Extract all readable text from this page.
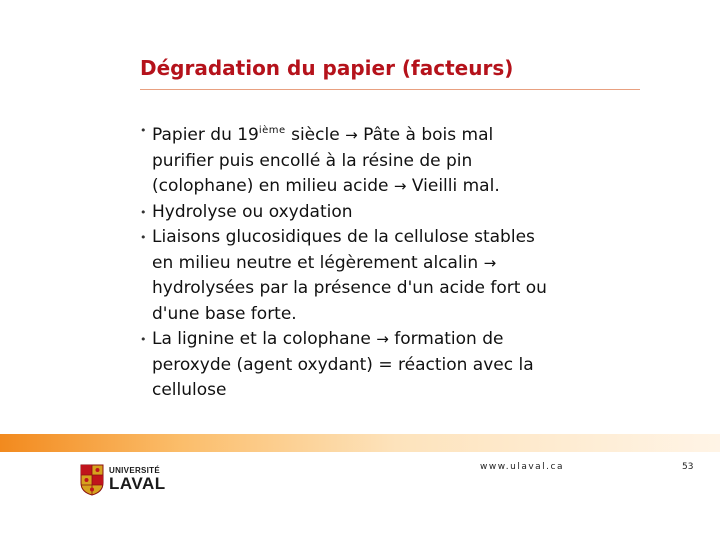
Dégradation du papier (facteurs)
• Papier du 19ième siècle → Pâte à bois mal
purifier puis encollé à la résine de pin
(colophane) en milieu acide → Vieilli mal.
• Hydrolyse ou oxydation
• Liaisons glucosidiques de la cellulose stables
en milieu neutre et légèrement alcalin →
hydrolysées par la présence d'un acide fort ou
d'une base forte.
• La lignine et la colophane → formation de
peroxyde (agent oxydant) = réaction avec la
cellulose
UNIVERSITÉ
LAVAL
www.ulaval.ca	53
